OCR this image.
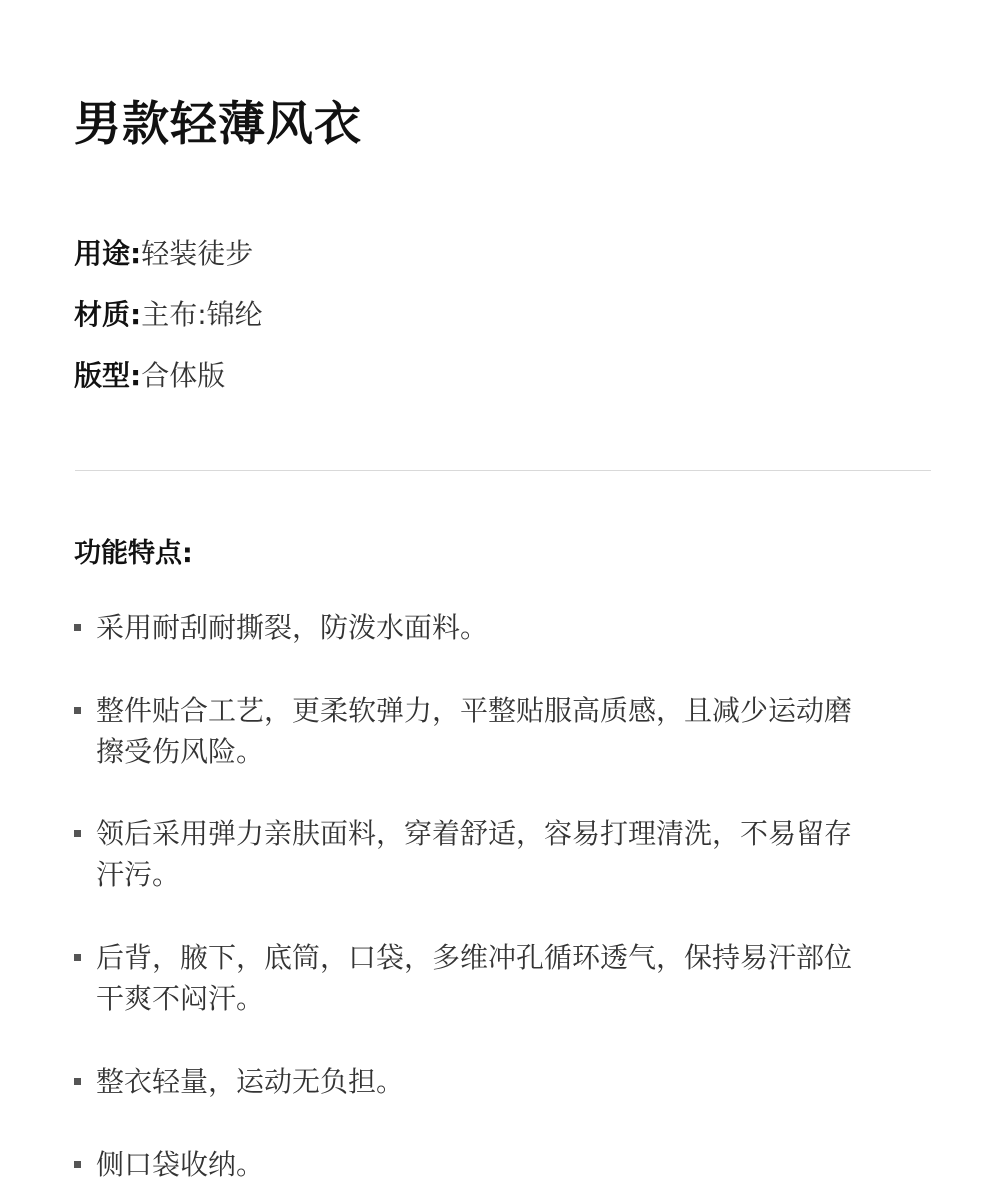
男款轻薄风衣
用途:轻装徒步
材质:主布:锦纶
版型:合体版
功能特点:
采用耐刮耐撕裂，防泼水面料。
整件贴合工艺，更柔软弹力，平整贴服高质感，且减少运动磨擦受伤风险。
领后采用弹力亲肤面料，穿着舒适，容易打理清洗，不易留存汗污。
后背，腋下，底筒，口袋，多维冲孔循环透气，保持易汗部位干爽不闷汗。
整衣轻量，运动无负担。
侧口袋收纳。
